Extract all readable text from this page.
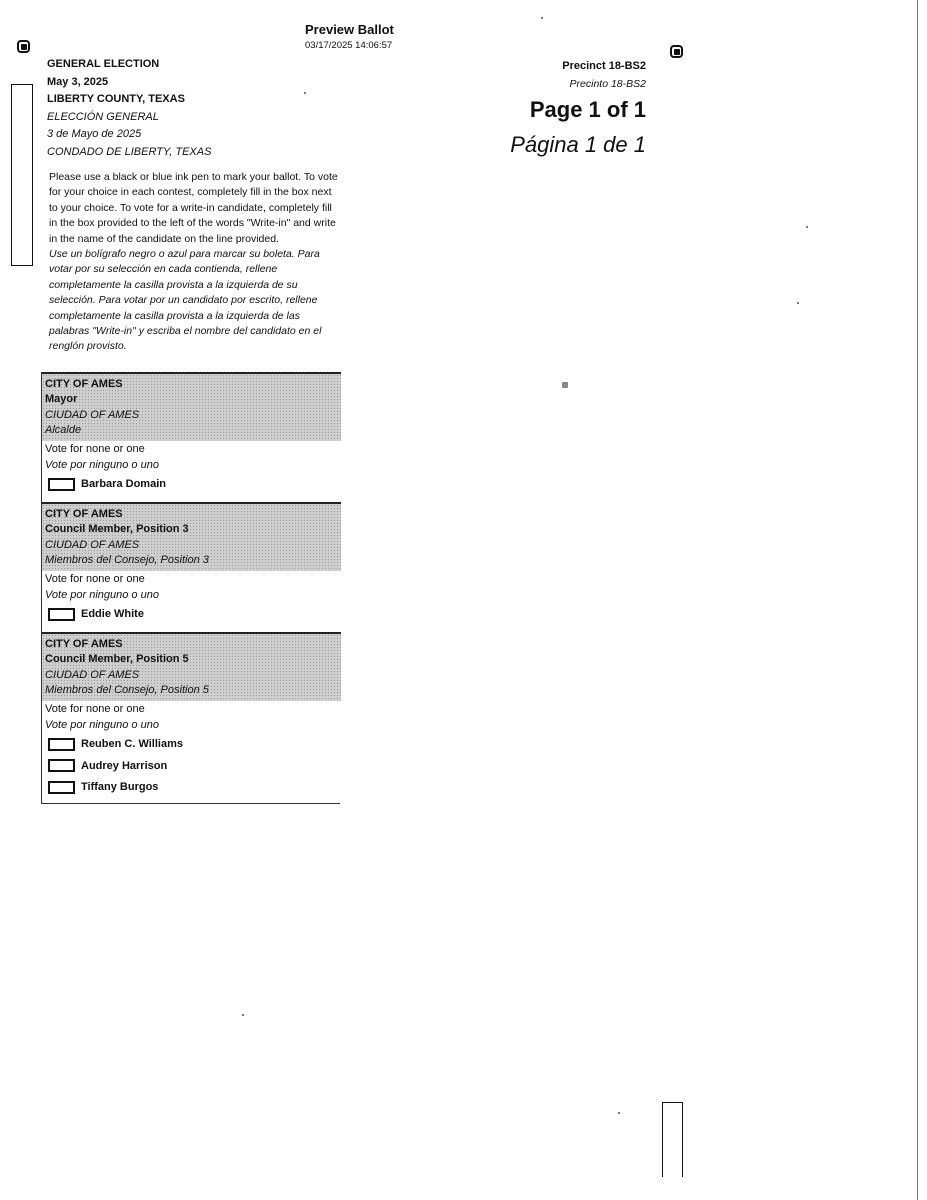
Preview Ballot
03/17/2025 14:06:57
GENERAL ELECTION
May 3, 2025
LIBERTY COUNTY, TEXAS
ELECCIÓN GENERAL
3 de Mayo de 2025
CONDADO DE LIBERTY, TEXAS
Precinct 18-BS2
Precinto 18-BS2
Page 1 of 1
Página 1 de 1

Please use a black or blue ink pen to mark your ballot. To vote for your choice in each contest, completely fill in the box next to your choice. To vote for a write-in candidate, completely fill in the box provided to the left of the words "Write-in" and write in the name of the candidate on the line provided.

Use un bolígrafo negro o azul para marcar su boleta. Para votar por su selección en cada contienda, rellene completamente la casilla provista a la izquierda de su selección. Para votar por un candidato por escrito, rellene completamente la casilla provista a la izquierda de las palabras "Write-in" y escriba el nombre del candidato en el renglón provisto.

CITY OF AMES
Mayor
CIUDAD OF AMES
Alcalde
Vote for none or one
Vote por ninguno o uno
Barbara Domain
CITY OF AMES
Council Member, Position 3
CIUDAD OF AMES
Miembros del Consejo, Position 3
Vote for none or one
Vote por ninguno o uno
Eddie White
CITY OF AMES
Council Member, Position 5
CIUDAD OF AMES
Miembros del Consejo, Position 5
Vote for none or one
Vote por ninguno o uno
Reuben C. Williams
Audrey Harrison
Tiffany Burgos
